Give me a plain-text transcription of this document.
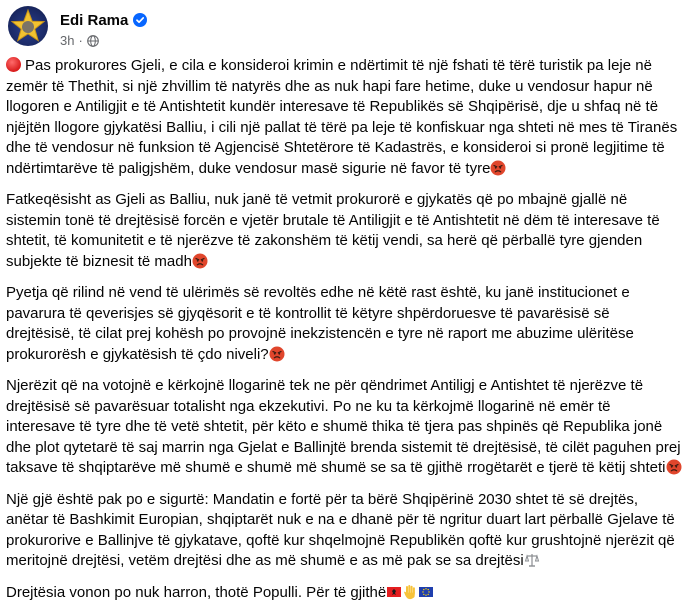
Edi Rama
3h ·

Pas prokurores Gjeli, e cila e konsideroi krimin e ndërtimit të një fshati të tërë turistik pa leje në zemër të Thethit, si një zhvillim të natyrës dhe as nuk hapi fare hetime, duke u vendosur hapur në llogoren e Antiligjit e të Antishtetit kundër interesave të Republikës së Shqipërisë, dje u shfaq në të njëjtën llogore gjykatësi Balliu, i cili një pallat të tërë pa leje të konfiskuar nga shteti në mes të Tiranës dhe të vendosur në funksion të Agjencisë Shtetërore të Kadastrës, e konsideroi si pronë legjitime të ndërtimtarëve të paligjshëm, duke vendosur masë sigurie në favor të tyre

Fatkeqësisht as Gjeli as Balliu, nuk janë të vetmit prokurorë e gjykatës që po mbajnë gjallë në sistemin tonë të drejtësisë forcën e vjetër brutale të Antiligjit e të Antishtetit në dëm të interesave të shtetit, të komunitetit e të njerëzve të zakonshëm të këtij vendi, sa herë që përballë tyre gjenden subjekte të biznesit të madh

Pyetja që rilind në vend të ulërimës së revoltës edhe në këtë rast është, ku janë institucionet e pavarura të qeverisjes së gjyqësorit e të kontrollit të këtyre shpërdoruesve të pavarësisë së drejtësisë, të cilat prej kohësh po provojnë inekzistencën e tyre në raport me abuzime ulëritëse prokurorësh e gjykatësish të çdo niveli?

Njerëzit që na votojnë e kërkojnë llogarinë tek ne për qëndrimet Antiligj e Antishtet të njerëzve të drejtësisë së pavarësuar totalisht nga ekzekutivi. Po ne ku ta kërkojmë llogarinë në emër të interesave të tyre dhe të vetë shtetit, për këto e shumë thika të tjera pas shpinës që Republika jonë dhe plot qytetarë të saj marrin nga Gjelat e Ballinjtë brenda sistemit të drejtësisë, të cilët paguhen prej taksave të shqiptarëve më shumë e shumë më shumë se sa të gjithë rrogëtarët e tjerë të këtij shteti

Një gjë është pak po e sigurtë: Mandatin e fortë për ta bërë Shqipërinë 2030 shtet të së drejtës, anëtar të Bashkimit Europian, shqiptarët nuk e na e dhanë për të ngritur duart lart përballë Gjelave të prokurorive e Ballinjve të gjykatave, qoftë kur shqelmojnë Republikën qoftë kur grushtojnë njerëzit që meritojnë drejtësi, vetëm drejtësi dhe as më shumë e as më pak se sa drejtësi

Drejtësia vonon po nuk harron, thotë Populli. Për të gjithë
